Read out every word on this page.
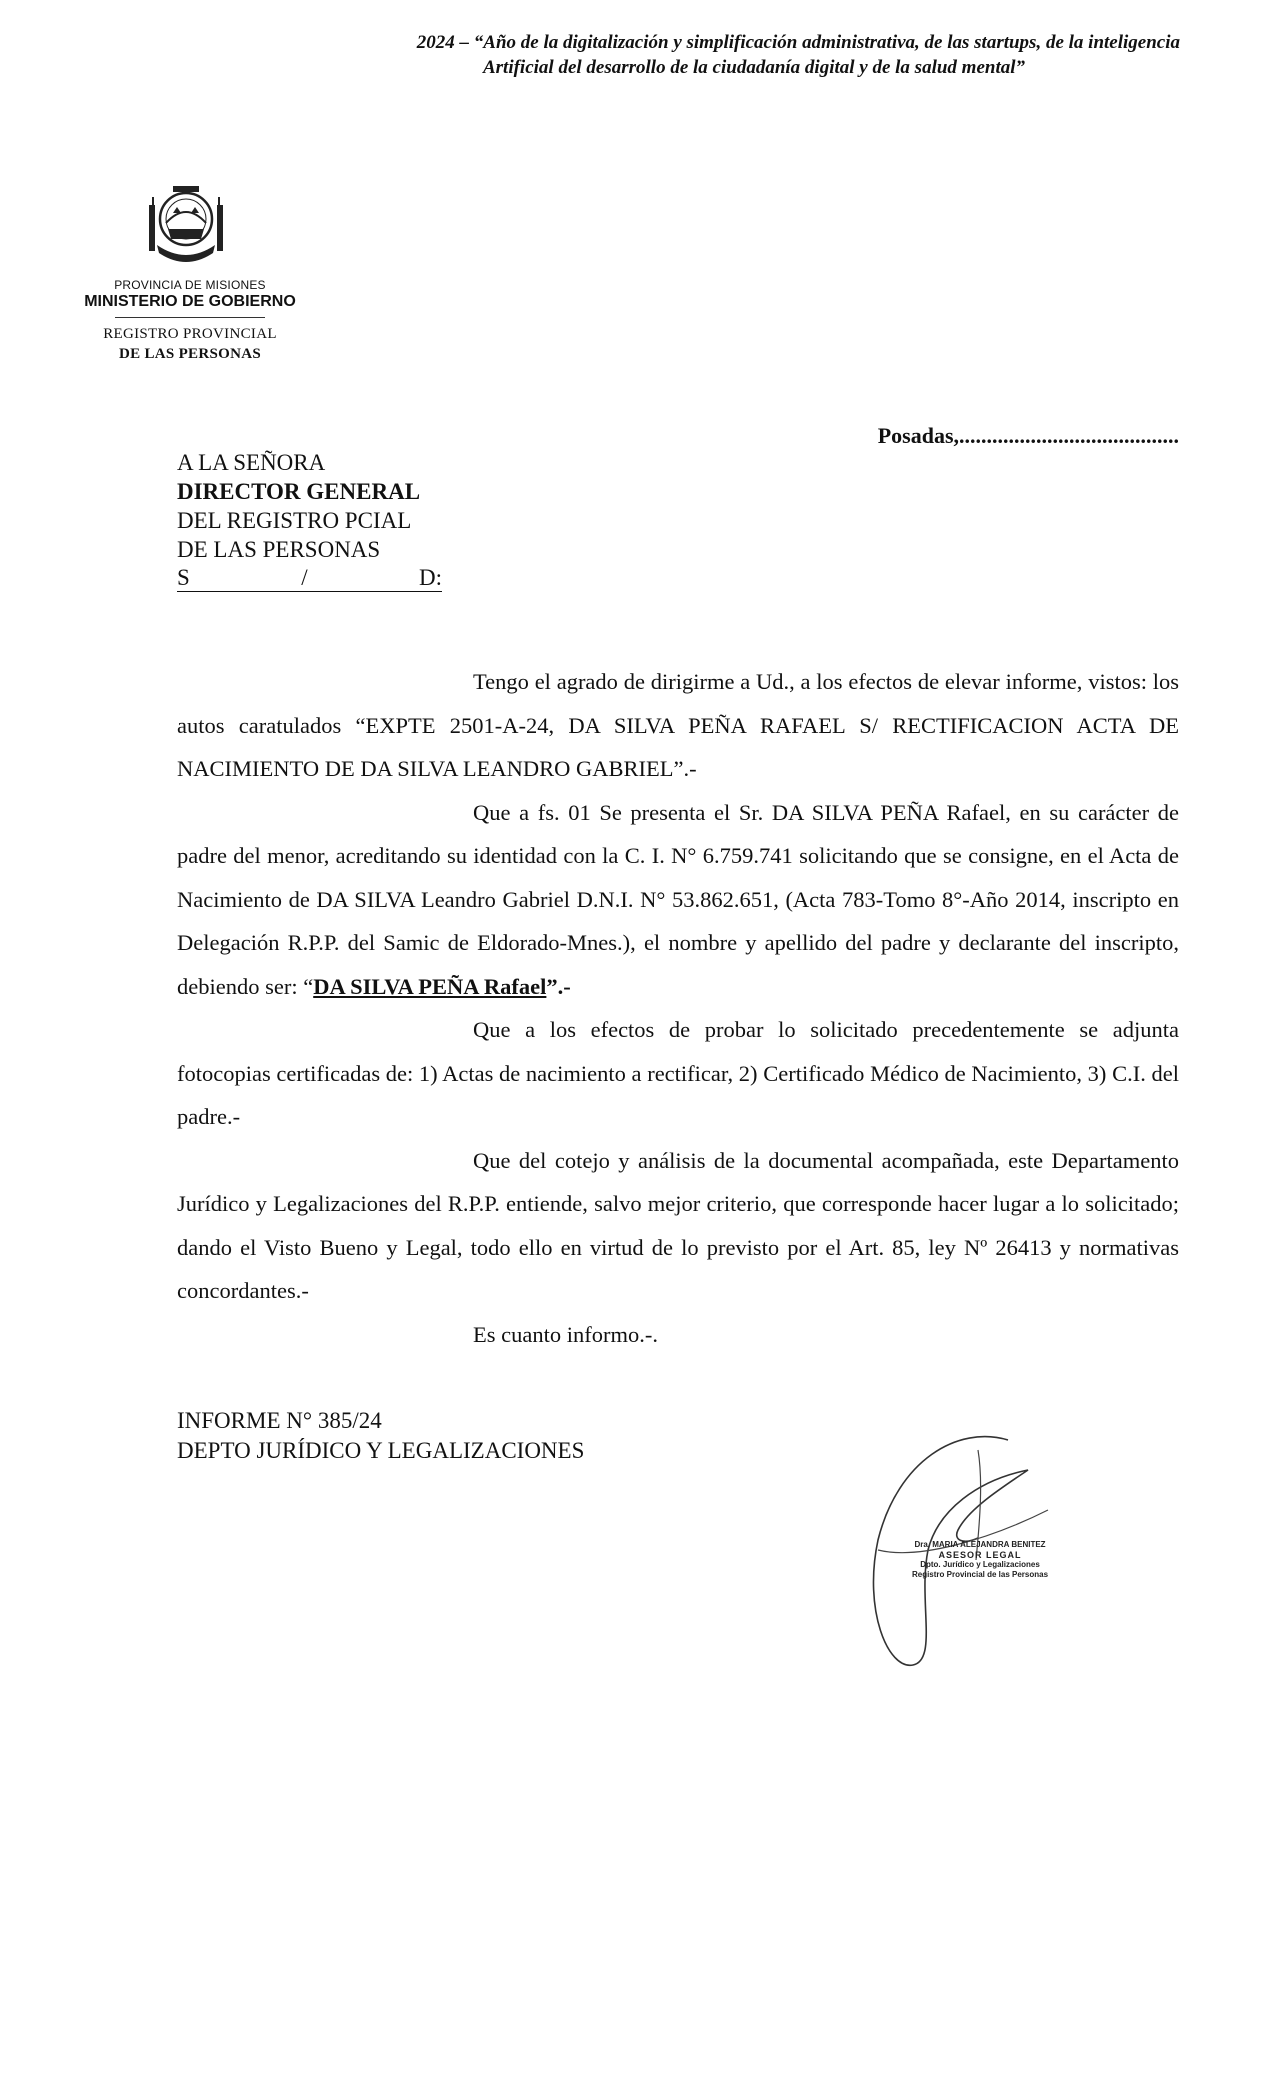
2024 – “Año de la digitalización y simplificación administrativa, de las startups, de la inteligencia
Artificial del desarrollo de la ciudadanía digital y de la salud mental”
PROVINCIA DE MISIONES
MINISTERIO DE GOBIERNO
REGISTRO PROVINCIAL
DE LAS PERSONAS
Posadas,........................................
A LA SEÑORA
DIRECTOR GENERAL
DEL REGISTRO PCIAL
DE LAS PERSONAS
S	/	D:

Tengo el agrado de dirigirme a Ud., a los efectos de elevar informe, vistos: los autos caratulados “EXPTE 2501-A-24, DA SILVA PEÑA RAFAEL S/ RECTIFICACION ACTA DE NACIMIENTO DE DA SILVA LEANDRO GABRIEL”.-

Que a fs. 01 Se presenta el Sr. DA SILVA PEÑA Rafael, en su carácter de padre del menor, acreditando su identidad con la C. I. N° 6.759.741 solicitando que se consigne, en el Acta de Nacimiento de DA SILVA Leandro Gabriel D.N.I. N° 53.862.651, (Acta 783-Tomo 8°-Año 2014, inscripto en Delegación R.P.P. del Samic de Eldorado-Mnes.), el nombre y apellido del padre y declarante del inscripto, debiendo ser: “DA SILVA PEÑA Rafael”.-

Que a los efectos de probar lo solicitado precedentemente se adjunta fotocopias certificadas de: 1) Actas de nacimiento a rectificar, 2) Certificado Médico de Nacimiento, 3) C.I. del padre.-

Que del cotejo y análisis de la documental acompañada, este Departamento Jurídico y Legalizaciones del R.P.P. entiende, salvo mejor criterio, que corresponde hacer lugar a lo solicitado; dando el Visto Bueno y Legal, todo ello en virtud de lo previsto por el Art. 85, ley Nº 26413 y normativas concordantes.-

Es cuanto informo.-.

INFORME N° 385/24
DEPTO JURÍDICO Y LEGALIZACIONES
Dra. MARIA ALEJANDRA BENITEZ
ASESOR LEGAL
Dpto. Jurídico y Legalizaciones
Registro Provincial de las Personas
